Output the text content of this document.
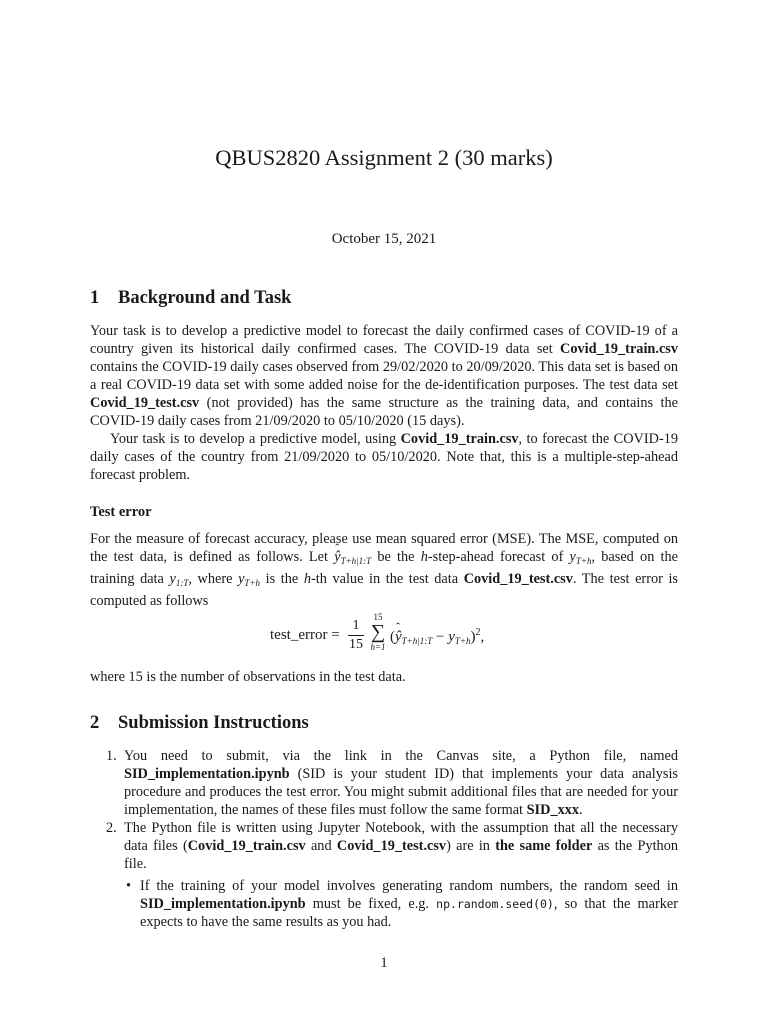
QBUS2820 Assignment 2 (30 marks)
October 15, 2021
1 Background and Task

Your task is to develop a predictive model to forecast the daily confirmed cases of COVID-19 of a country given its historical daily confirmed cases. The COVID-19 data set Covid_19_train.csv contains the COVID-19 daily cases observed from 29/02/2020 to 20/09/2020. This data set is based on a real COVID-19 data set with some added noise for the de-identification purposes. The test data set Covid_19_test.csv (not provided) has the same structure as the training data, and contains the COVID-19 daily cases from 21/09/2020 to 05/10/2020 (15 days).

Your task is to develop a predictive model, using Covid_19_train.csv, to forecast the COVID-19 daily cases of the country from 21/09/2020 to 05/10/2020. Note that, this is a multiple-step-ahead forecast problem.

Test error

For the measure of forecast accuracy, please use mean squared error (MSE). The MSE, computed on the test data, is defined as follows. Let ˆ $ŷ_{T+h|1:T}$ be the h-step-ahead forecast of $y_{T+h}$, based on the training data $y_{1:T}$, where $y_{T+h}$ is the h-th value in the test data Covid_19_test.csv. The test error is computed as follows

test_error =
1
15
15
∑
h=1
(ˆ $ŷ_{T+h|1:T} - y_{T+h})^2$,
where 15 is the number of observations in the test data.
2 Submission Instructions
1. You need to submit, via the link in the Canvas site, a Python file, named SID_implementation.ipynb (SID is your student ID) that implements your data analysis procedure and produces the test error. You might submit additional files that are needed for your implementation, the names of these files must follow the same format SID_xxx.
2. The Python file is written using Jupyter Notebook, with the assumption that all the necessary data files (Covid_19_train.csv and Covid_19_test.csv) are in the same folder as the Python file.
• If the training of your model involves generating random numbers, the random seed in SID_implementation.ipynb must be fixed, e.g. np.random.seed(0), so that the marker expects to have the same results as you had.
1
